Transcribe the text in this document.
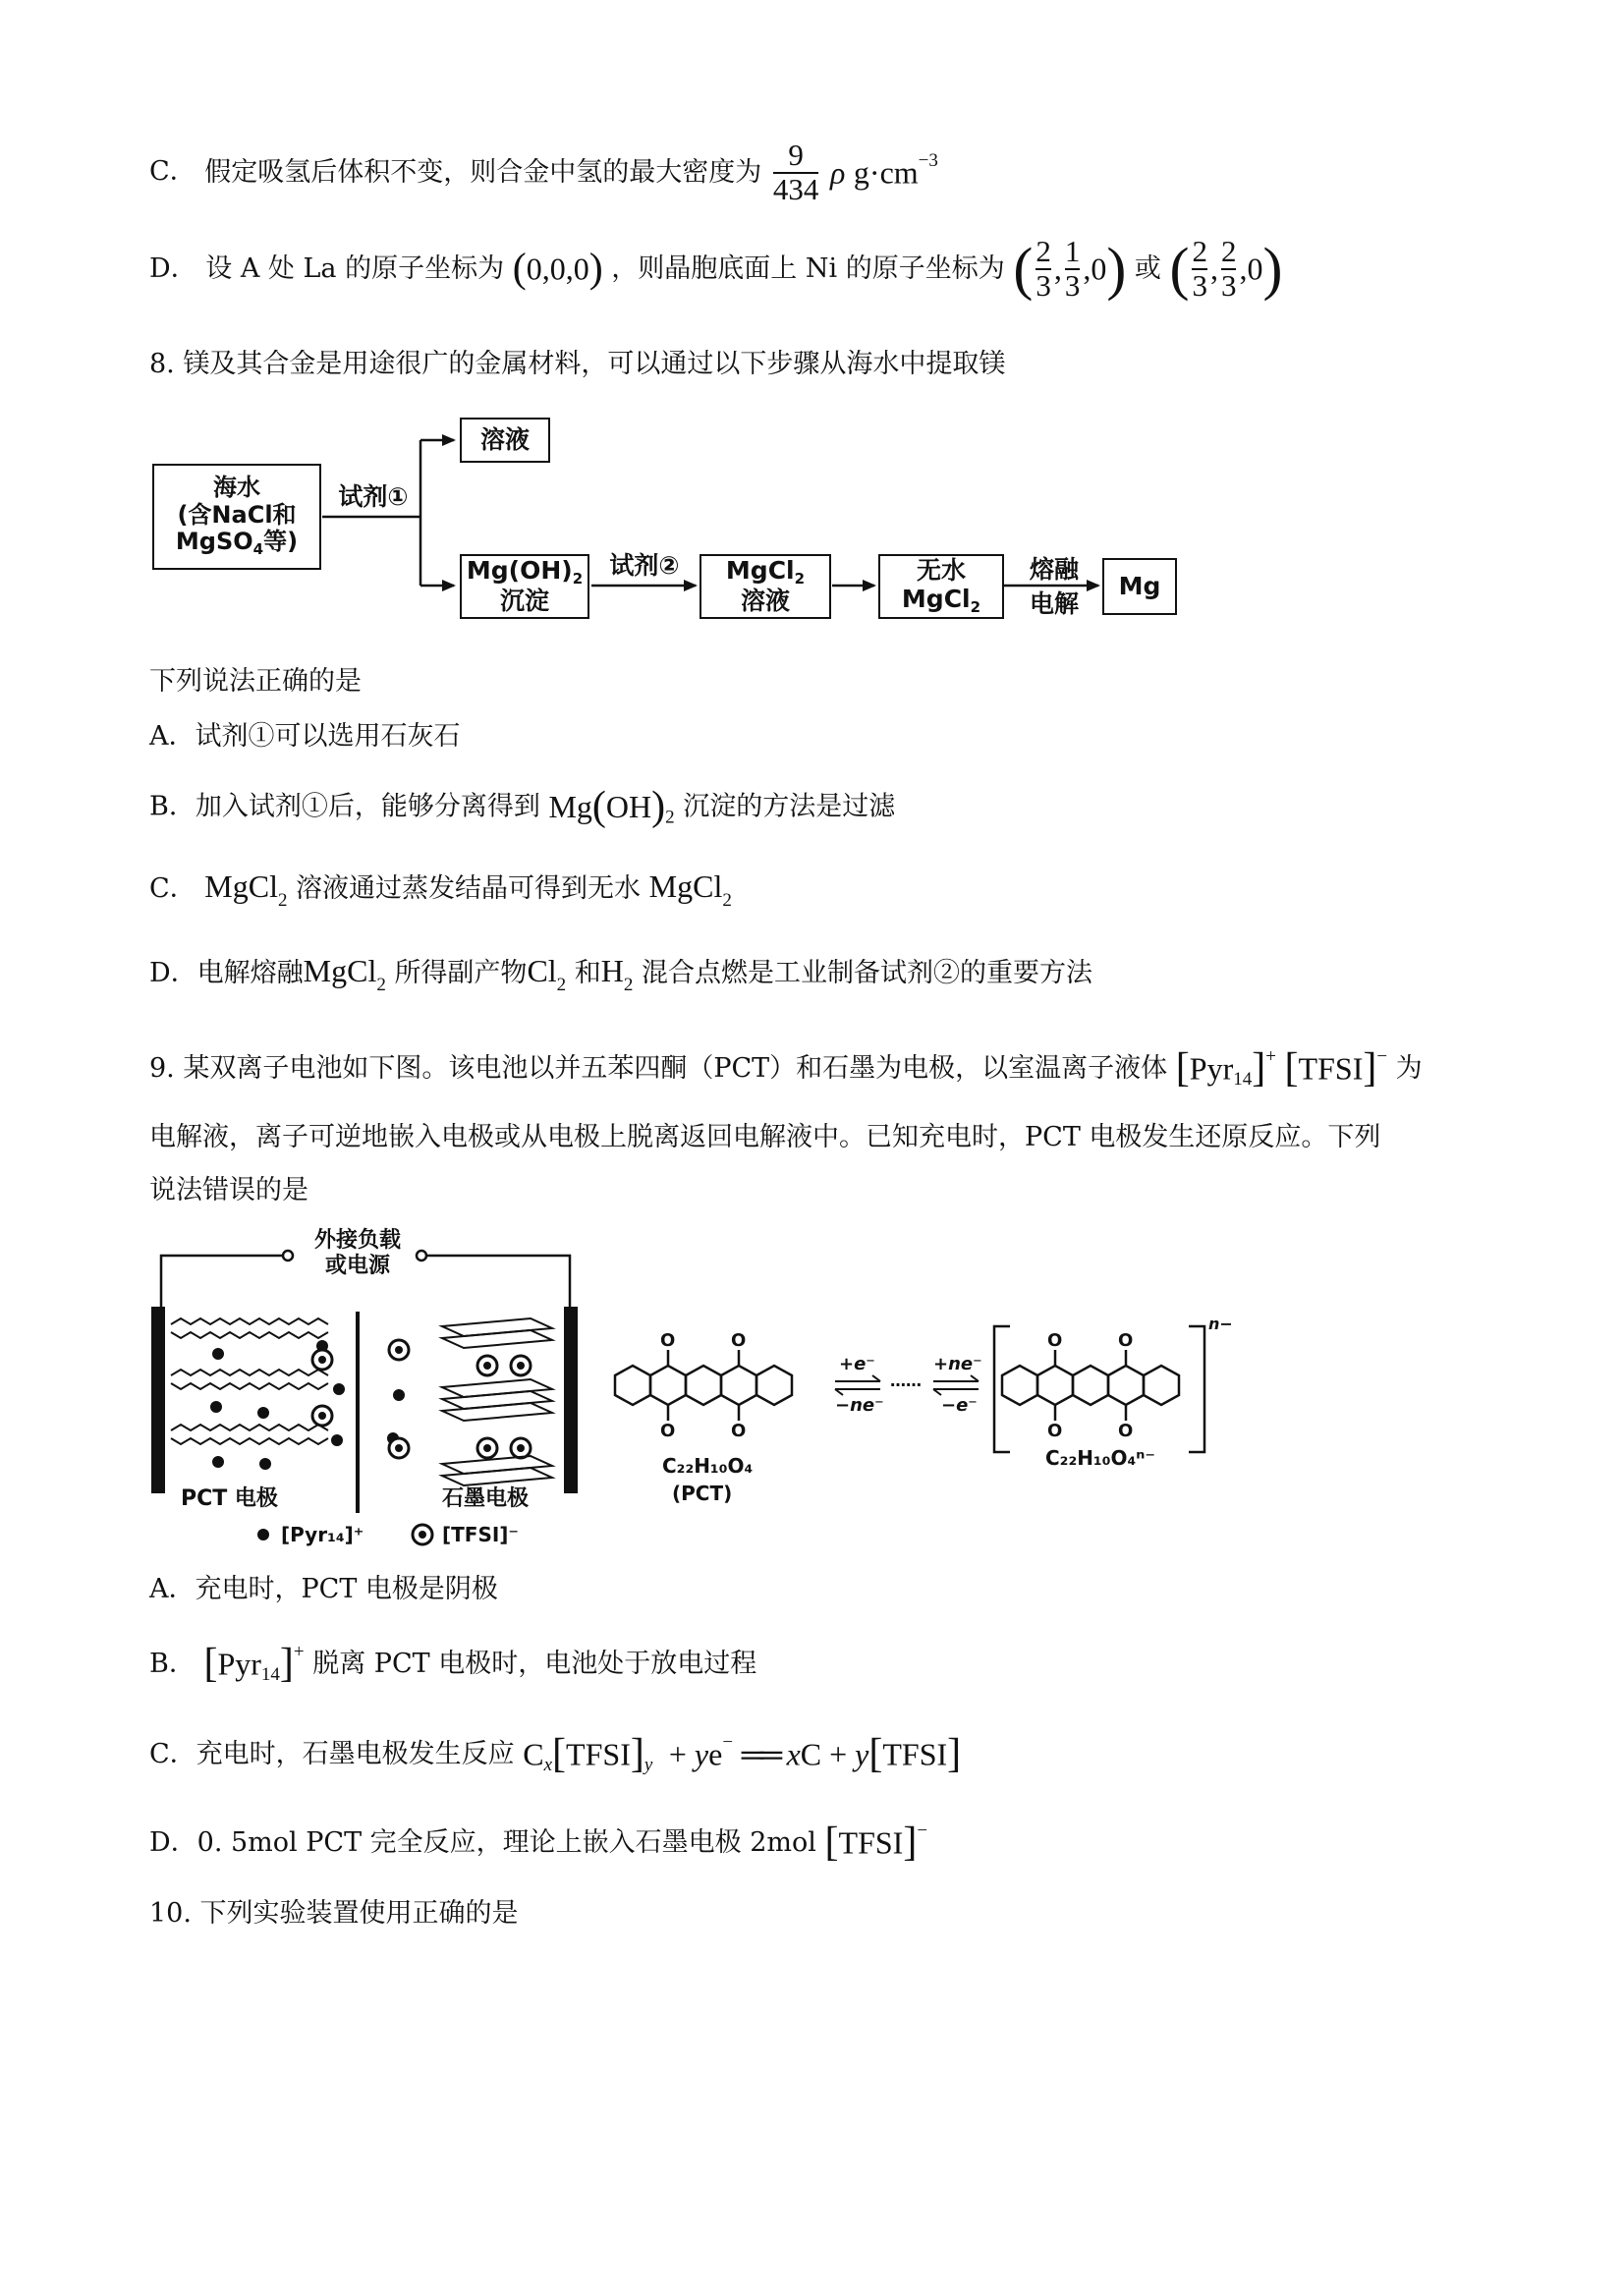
C． 假定吸氢后体积不变，则合金中氢的最大密度为 $\frac{9}{434}$ ρ $g\cdot cm^{-3}$
D． 设 A 处 La 的原子坐标为 (0,0,0) ，则晶胞底面上 Ni 的原子坐标为 ( $\frac{2}{3}$ , $\frac{1}{3} ,0$) 或 ( $\frac{2}{3}$ , $\frac{2}{3} ,0$)
8. 镁及其合金是用途很广的金属材料，可以通过以下步骤从海水中提取镁
海水
(含NaCl和
MgSO$_4$等)
试剂①
溶液
$Mg(OH)_2$
沉淀
试剂②	MgCl$_2$
溶液
无水
MgCl$_2$
熔融
电解
Mg
下列说法正确的是
A．试剂①可以选用石灰石
B．加入试剂①后，能够分离得到 $Mg(OH)_2$ 沉淀的方法是过滤
C． MgCl$_2$ 溶液通过蒸发结晶可得到无水 MgCl$_2$
D．电解熔融MgCl$_2$ 所得副产物$Cl_2$ 和$H_2$ 混合点燃是工业制备试剂②的重要方法
9. 某双离子电池如下图。该电池以并五苯四酮（PCT）和石墨为电极，以室温离子液体 [Pyr$_{14}$]+ [TFSI]− 为
电解液，离子可逆地嵌入电极或从电极上脱离返回电解液中。已知充电时，PCT 电极发生还原反应。下列
说法错误的是
外接负载
或电源
PCT 电极	石墨电极
[Pyr₁₄]⁺	[TFSI]⁻
O
O
O
O
O
O
O
O
C₂₂H₁₀O₄
(PCT)
C₂₂H₁₀O₄ⁿ⁻
+e⁻
−ne⁻
……
+ne⁻
−e⁻
n−
A．充电时，PCT 电极是阴极
B． [Pyr$_{14}$]+ 脱离 PCT 电极时，电池处于放电过程
C．充电时，石墨电极发生反应 $C_x[TFSI]_y + ye^-$ ══ xC + y[TFSI]
D．0. 5mol PCT 完全反应，理论上嵌入石墨电极 2mol [TFSI]−
10. 下列实验装置使用正确的是
